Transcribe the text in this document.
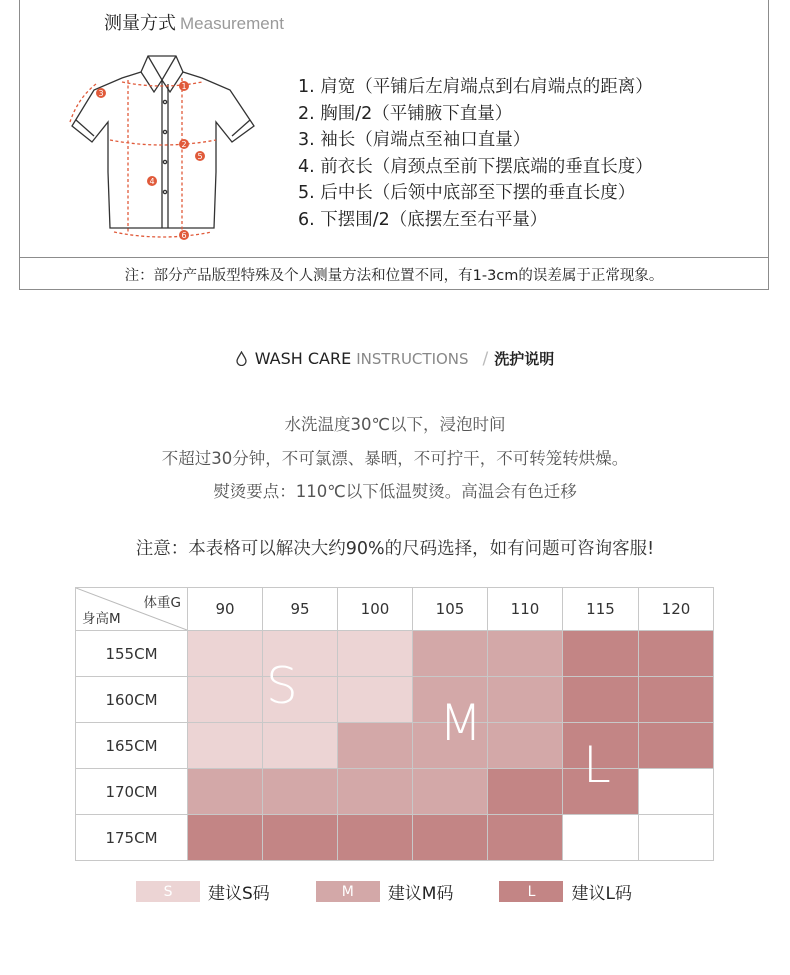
测量方式 Measurement
1
2
3
4
5
6
1. 肩宽（平铺后左肩端点到右肩端点的距离）
2. 胸围/2（平铺腋下直量）
3. 袖长（肩端点至袖口直量）
4. 前衣长（肩颈点至前下摆底端的垂直长度）
5. 后中长（后领中底部至下摆的垂直长度）
6. 下摆围/2（底摆左至右平量）
注：部分产品版型特殊及个人测量方法和位置不同，有1-3cm的误差属于正常现象。
WASH CARE INSTRUCTIONS / 洗护说明
水洗温度30℃以下，浸泡时间
不超过30分钟，不可氯漂、暴晒，不可拧干，不可转笼转烘燥。
熨烫要点：110℃以下低温熨烫。高温会有色迁移
注意：本表格可以解决大约90%的尺码选择，如有问题可咨询客服!
体重G
身高M	90	95	100	105	110	115	120
155CM							
160CM							
165CM							
170CM							
175CM							
S
M
L
S	建议S码	M	建议M码	L	建议L码
